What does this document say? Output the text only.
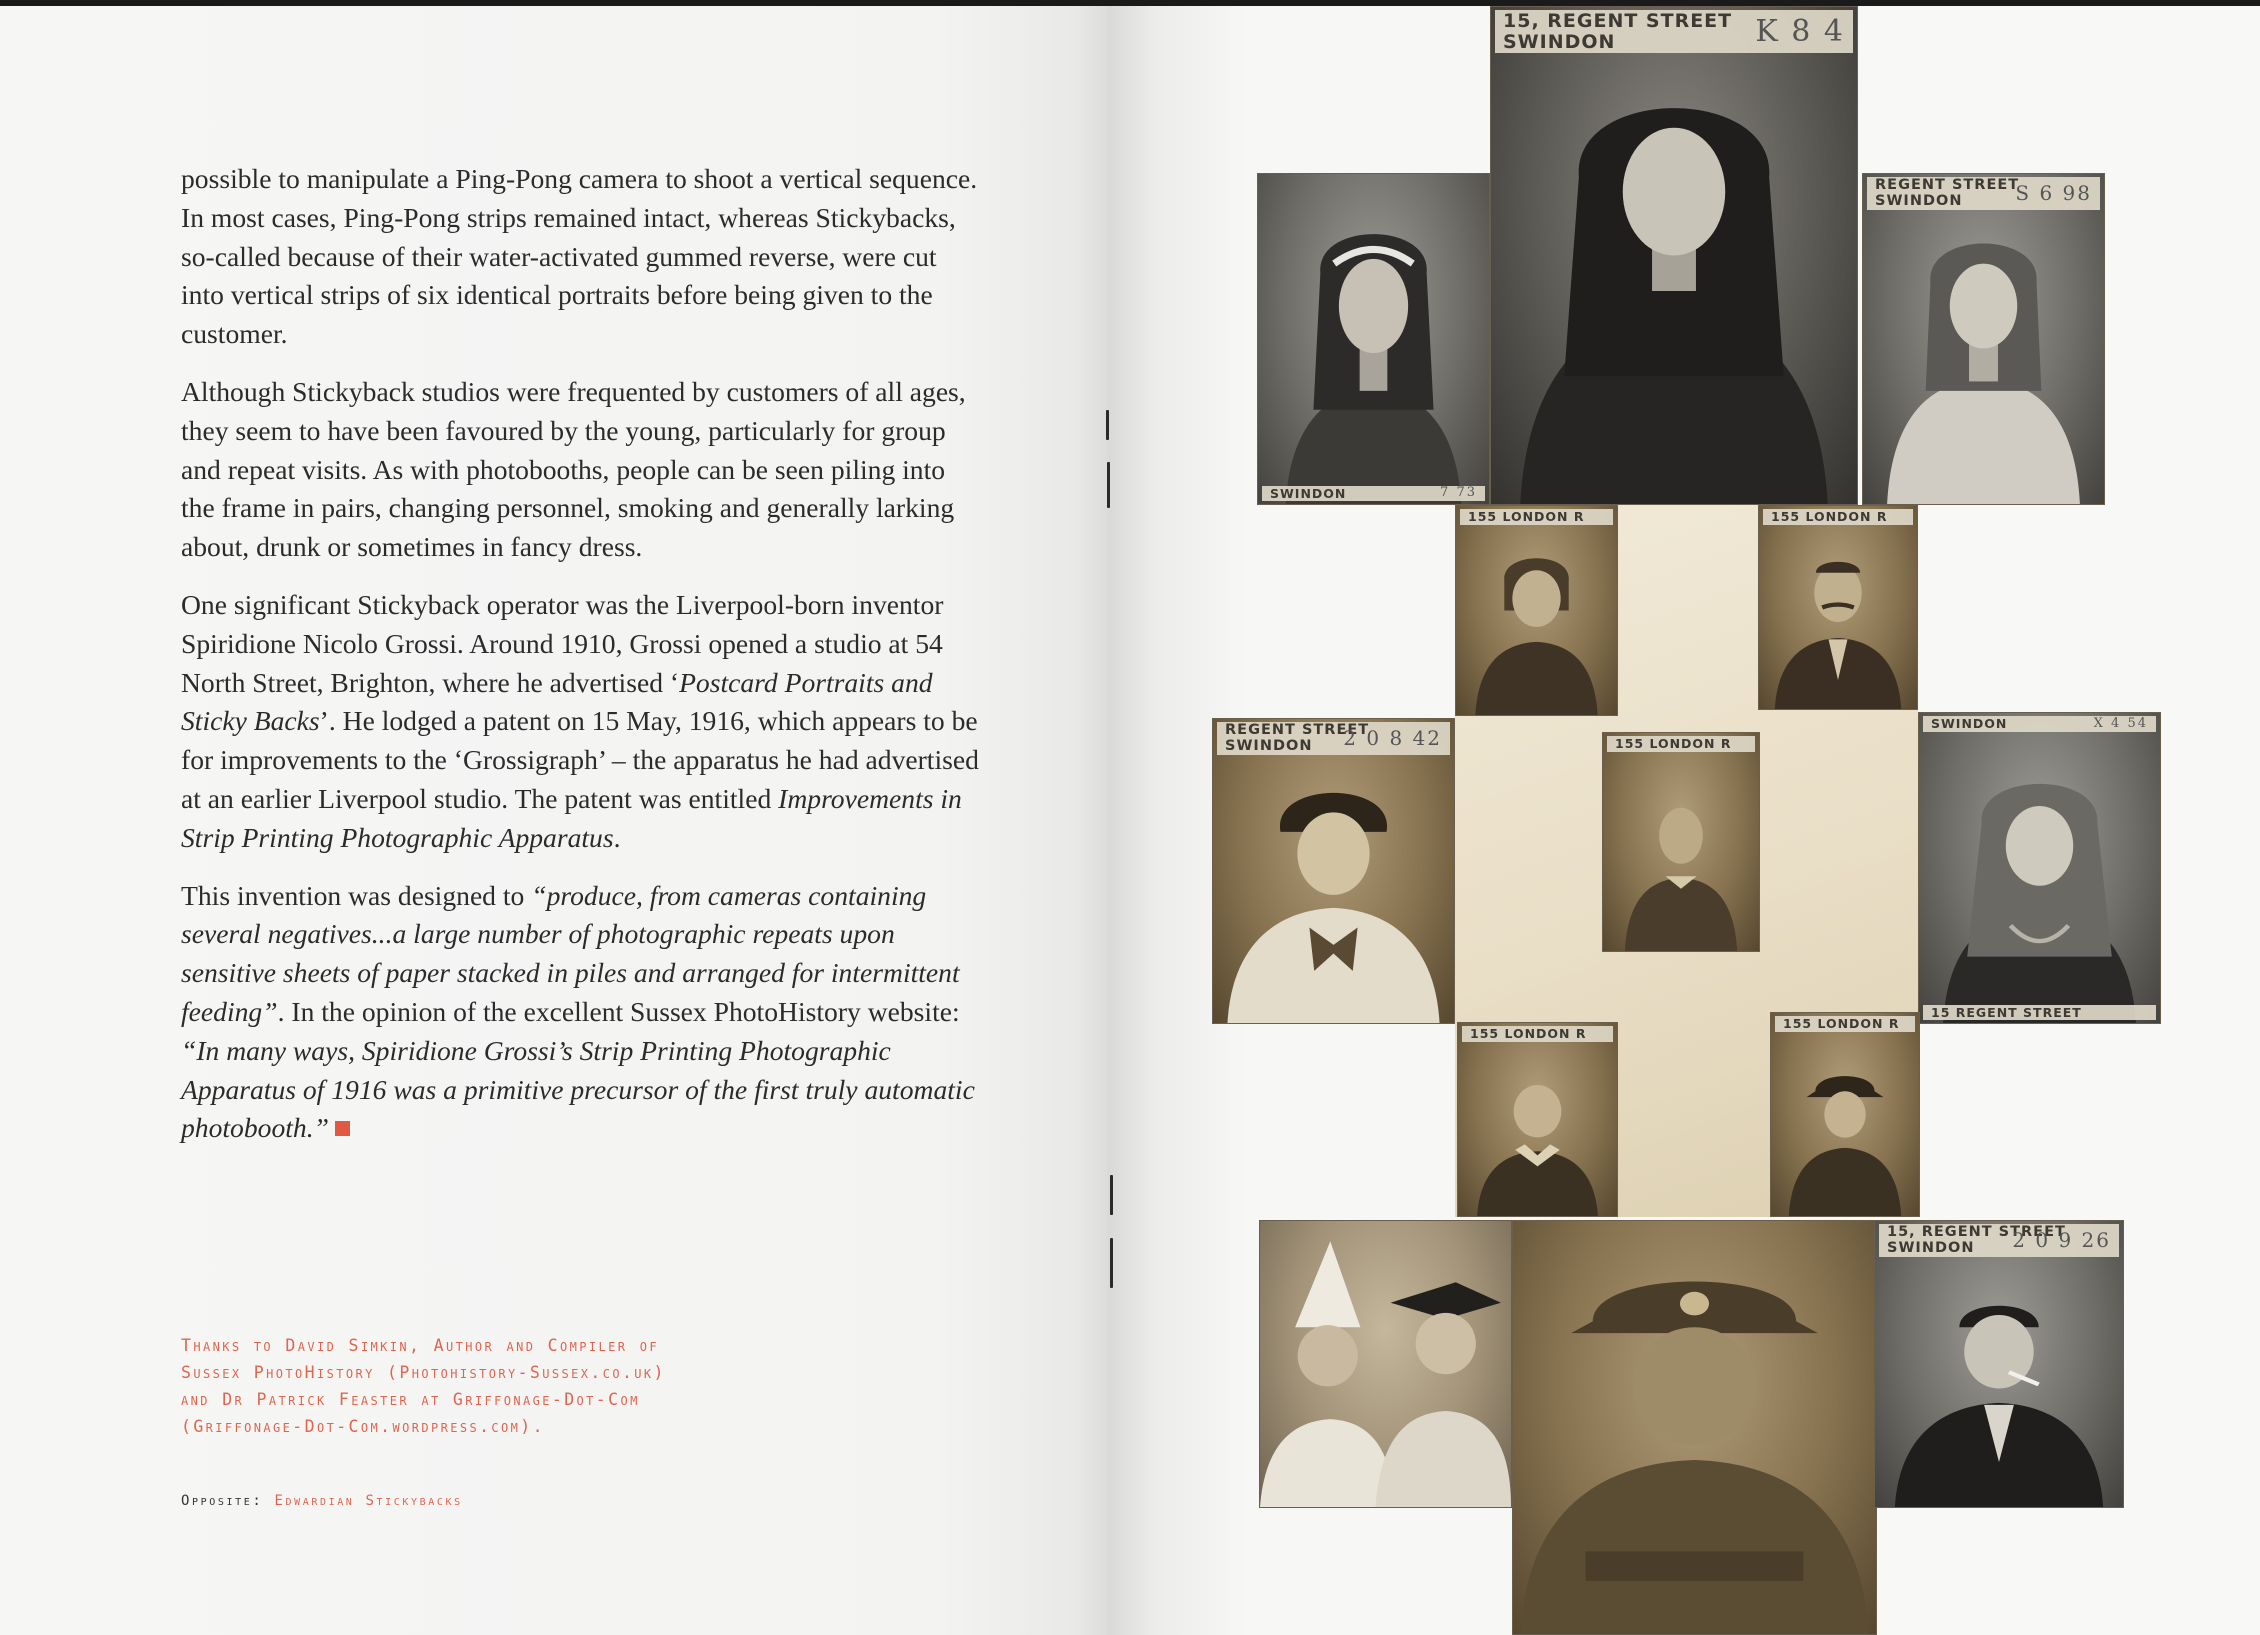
possible to manipulate a Ping-Pong camera to shoot a vertical sequence. In most cases, Ping-Pong strips remained intact, whereas Stickybacks, so-called because of their water-activated gummed reverse, were cut into vertical strips of six identical portraits before being given to the customer.

Although Stickyback studios were frequented by customers of all ages, they seem to have been favoured by the young, particularly for group and repeat visits. As with photobooths, people can be seen piling into the frame in pairs, changing personnel, smoking and generally larking about, drunk or sometimes in fancy dress.

One significant Stickyback operator was the Liverpool-born inventor Spiridione Nicolo Grossi. Around 1910, Grossi opened a studio at 54 North Street, Brighton, where he advertised ‘Postcard Portraits and Sticky Backs’. He lodged a patent on 15 May, 1916, which appears to be for improvements to the ‘Grossigraph’ – the apparatus he had advertised at an earlier Liverpool studio. The patent was entitled Improvements in Strip Printing Photographic Apparatus.

This invention was designed to “produce, from cameras containing several negatives...a large number of photographic repeats upon sensitive sheets of paper stacked in piles and arranged for intermittent feeding”. In the opinion of the excellent Sussex PhotoHistory website: “In many ways, Spiridione Grossi’s Strip Printing Photographic Apparatus of 1916 was a primitive precursor of the first truly automatic photobooth.”

Thanks to David Simkin, Author and Compiler of
Sussex PhotoHistory (Photohistory-Sussex.co.uk)
and Dr Patrick Feaster at Griffonage-Dot-Com
(Griffonage-Dot-Com.wordpress.com).
Opposite: Edwardian Stickybacks
SWINDON	7 73
15, REGENT STREET
SWINDON	K 8 4
REGENT STREET
SWINDON	S 6 98
155 LONDON R	155 LONDON R
REGENT STREET
SWINDON 2 0 8 42	155 LONDON R
SWINDON	X 4 54
15 REGENT STREET
155 LONDON R
155 LONDON R
15, REGENT STREET
SWINDON 2 0 9 26
